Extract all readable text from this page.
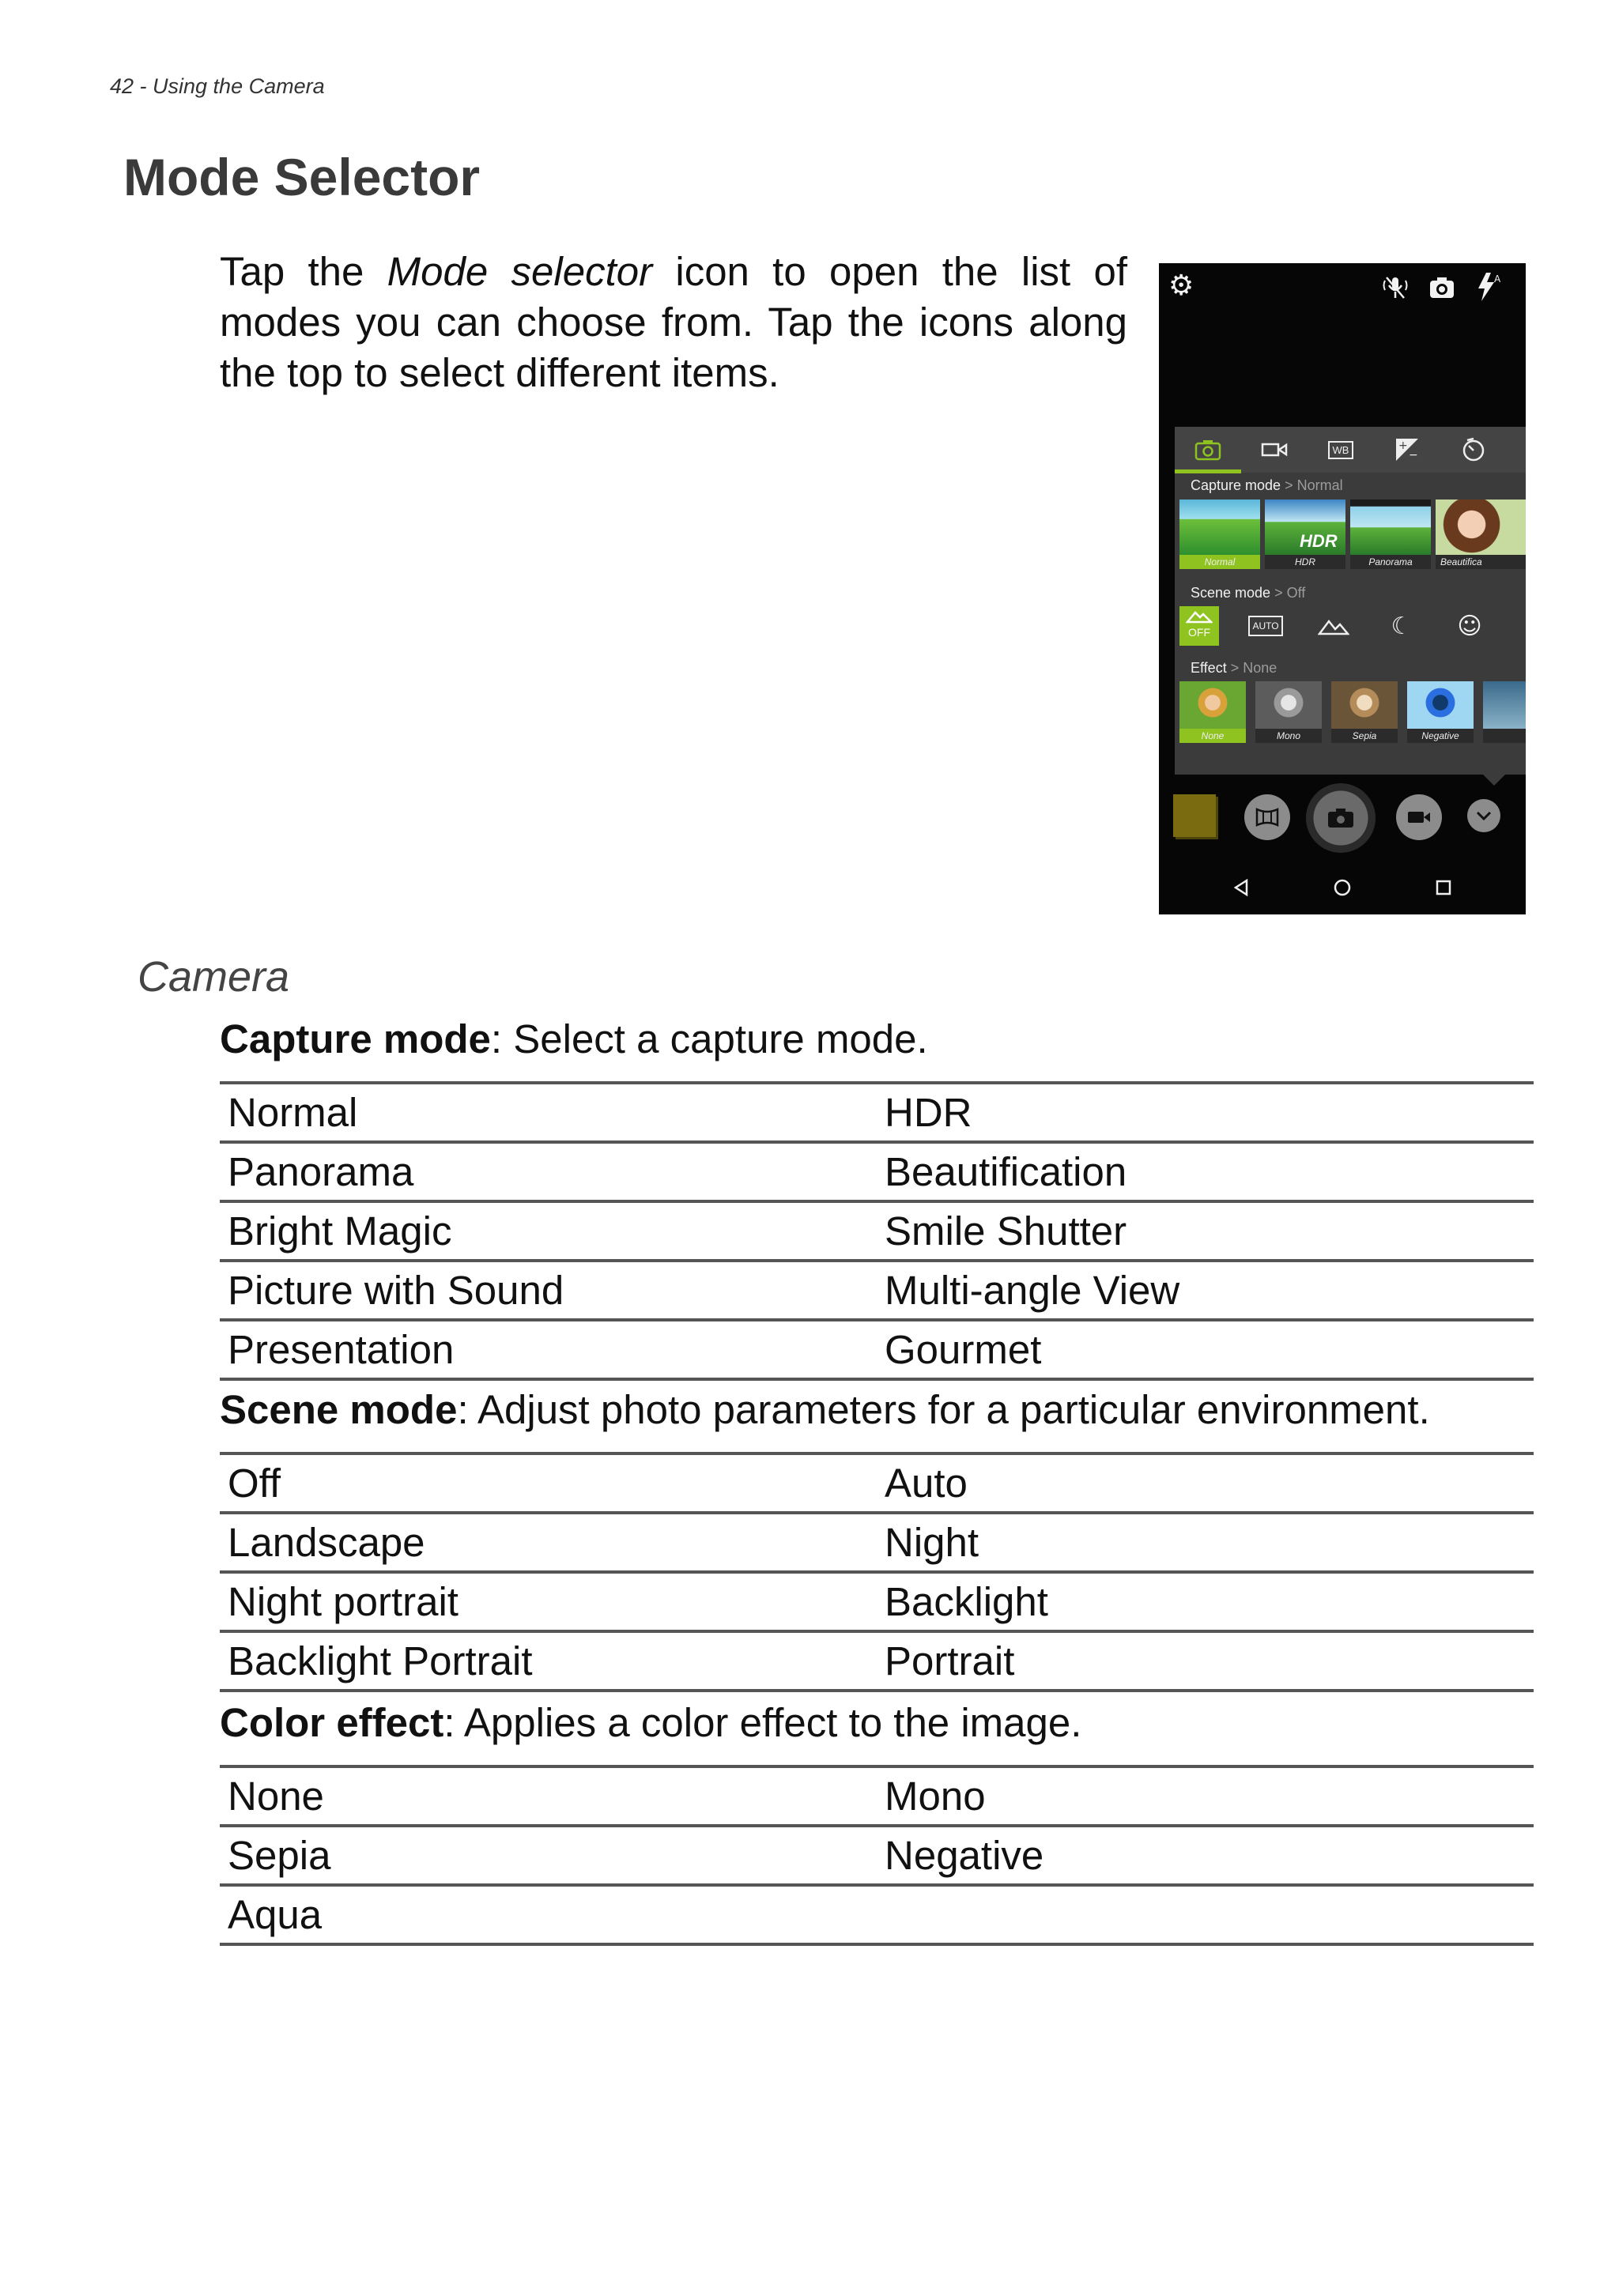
42 - Using the Camera
Mode Selector

Tap the Mode selector icon to open the list of modes you can choose from. Tap the icons along the top to select different items.

⚙	A
WB	+
−
Capture mode > Normal
Normal
HDR
HDR	Panorama	Beautifica
Scene mode > Off
OFF	AUTO	☾	☺
Effect > None
None	Mono	Sepia	Negative
Camera

Capture mode: Select a capture mode.

Normal	HDR
Panorama	Beautification
Bright Magic	Smile Shutter
Picture with Sound	Multi-angle View
Presentation	Gourmet

Scene mode: Adjust photo parameters for a particular environment.

Off	Auto
Landscape	Night
Night portrait	Backlight
Backlight Portrait	Portrait

Color effect: Applies a color effect to the image.

None	Mono
Sepia	Negative
Aqua	
